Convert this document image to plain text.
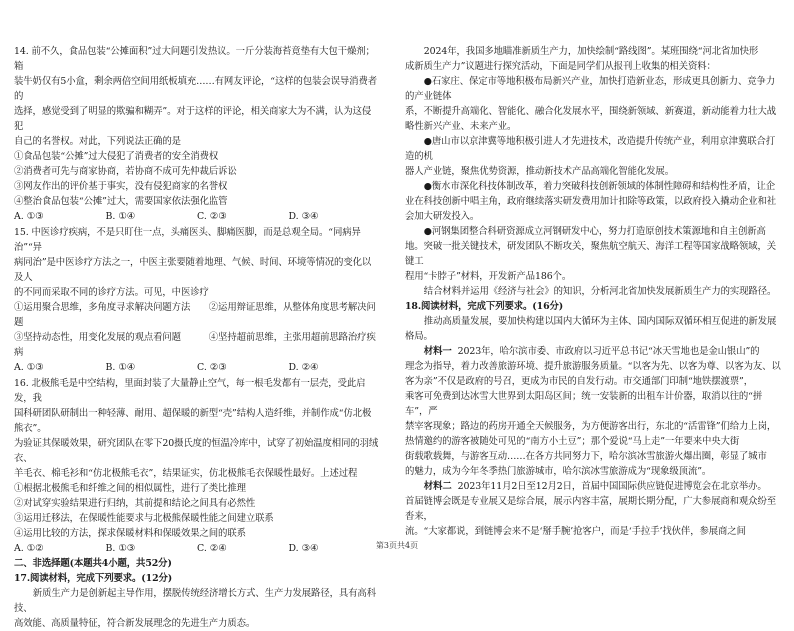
14. 前不久，食品包装“公摊面积”过大问题引发热议。一斤分装海苔竟垫有大包干燥剂；箱

装牛奶仅有5小盒，剩余两倍空间用纸板填充……有网友评论，“这样的包装会误导消费者的

选择，感觉受到了明显的欺骗和糊弄”。对于这样的评论，相关商家大为不满，认为这侵犯

自己的名誉权。对此，下列说法正确的是

①食品包装“公摊”过大侵犯了消费者的安全消费权

②消费者可先与商家协商，若协商不成可先仲裁后诉讼

③网友作出的评价基于事实，没有侵犯商家的名誉权

④整治食品包装“公摊”过大，需要国家依法强化监管

A. ①③	B. ①④	C. ②③	D. ③④

15. 中医诊疗疾病，不是只盯住一点，头痛医头、脚痛医脚，而是总观全局。“同病异治”“异

病同治”是中医诊疗方法之一，中医主张要随着地理、气候、时间、环境等情况的变化以及人

的不同而采取不同的诊疗方法。可见，中医诊疗

①运用聚合思维，多角度寻求解决问题方法　　②运用辩证思维，从整体角度思考解决问题

③坚持动态性，用变化发展的观点看问题　　　④坚持超前思维，主张用超前思路治疗疾病

A. ①③	B. ①④	C. ②③	D. ②④

16. 北极熊毛是中空结构，里面封装了大量静止空气，每一根毛发都有一层壳，受此启发，我

国科研团队研制出一种轻薄、耐用、超保暖的新型“壳”结构人造纤维，并制作成“仿北极熊衣”。

为验证其保暖效果，研究团队在零下20摄氏度的恒温冷库中，试穿了初始温度相同的羽绒衣、

羊毛衣、棉毛衫和“仿北极熊毛衣”，结果证实，仿北极熊毛衣保暖性最好。上述过程

①根据北极熊毛和纤维之间的相似属性，进行了类比推理

②对试穿实验结果进行归纳，其前提和结论之间具有必然性

③运用迁移法，在保暖性能要求与北极熊保暖性能之间建立联系

④运用比较的方法，探求保暖材料和保暖效果之间的联系

A. ①②	B. ①③	C. ②④	D. ③④

二、非选择题(本题共4小题，共52分)

17.阅读材料，完成下列要求。(12分)

新质生产力是创新起主导作用，摆脱传统经济增长方式、生产力发展路径，具有高科技、

高效能、高质量特征，符合新发展理念的先进生产力质态。

2024年，我国多地瞄准新质生产力，加快绘制“路线图”。某班围绕“河北省加快形

成新质生产力”议题进行探究活动，下面是同学们从报刊上收集的相关资料：

●石家庄、保定市等地积极布局新兴产业，加快打造新业态，形成更具创新力、竞争力的产业链体

系，不断提升高端化、智能化、融合化发展水平，围绕新领域、新赛道，新动能着力壮大战

略性新兴产业、未来产业。

●唐山市以京津冀等地积极引进人才先进技术，改造提升传统产业，利用京津冀联合打造的机

器人产业链，聚焦优势资源，推动新技术产品高端化智能化发展。

●衡水市深化科技体制改革，着力突破科技创新领域的体制性障碍和结构性矛盾，让企

业在科技创新中唱主角，政府继续落实研发费用加计扣除等政策，以政府投入撬动企业和社

会加大研发投入。

●河钢集团整合科研资源成立河钢研发中心，努力打造原创技术策源地和自主创新高

地。突破一批关键技术，研发团队不断攻关，聚焦航空航天、海洋工程等国家战略领域，关键工

程用“卡脖子”材料，开发新产品186个。

结合材料并运用《经济与社会》的知识，分析河北省加快发展新质生产力的实现路径。

18.阅读材料，完成下列要求。(16分)

推动高质量发展，要加快构建以国内大循环为主体、国内国际双循环相互促进的新发展

格局。

材料一 2023年，哈尔滨市委、市政府以习近平总书记“冰天雪地也是金山银山”的

理念为指导，着力改善旅游环境、提升旅游服务质量。“以客为先、以客为尊、以客为友、以

客为亲”不仅是政府的号召，更成为市民的自发行动。市交通部门印制“地铁摆渡票”，

乘客可免费到达冰雪大世界到太阳岛区间；统一安装新的出租车计价器，取消以往的“拼车”，严

禁宰客现象；路边的药房开通全天候服务，为方便游客出行，东北的“活雷锋”们给力上岗，

热情邀约的游客被随处可见的“南方小土豆”；那个爱说“马上走”一年要来中央大街

街载歌载舞，与游客互动……在各方共同努力下，哈尔滨冰雪旅游火爆出圈，彰显了城市

的魅力，成为今年冬季热门旅游城市，哈尔滨冰雪旅游成为“现象级顶流”。

材料二 2023年11月2日至12月2日，首届中国国际供应链促进博览会在北京举办。

首届链博会既是专业展又是综合展，展示内容丰富，展期长期分配，广大参展商和观众纷至沓来，

流。“大家都说，到链博会来不是‘掰手腕’抢客户，而是‘手拉手’找伙伴，参展商之间

第3页共4页
